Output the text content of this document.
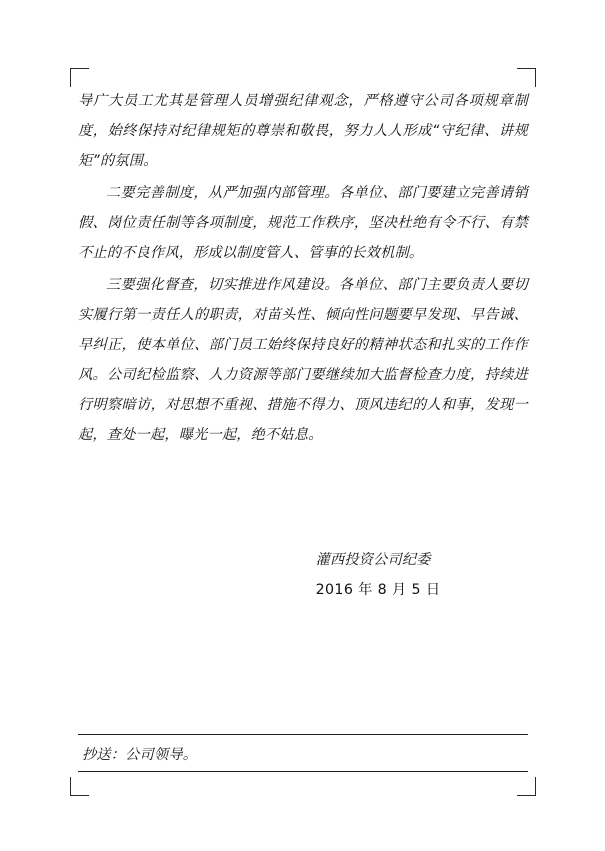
导广大员工尤其是管理人员增强纪律观念，严格遵守公司各项规章制度，始终保持对纪律规矩的尊崇和敬畏，努力人人形成“守纪律、讲规矩”的氛围。

二要完善制度，从严加强内部管理。各单位、部门要建立完善请销假、岗位责任制等各项制度，规范工作秩序，坚决杜绝有令不行、有禁不止的不良作风，形成以制度管人、管事的长效机制。

三要强化督查，切实推进作风建设。各单位、部门主要负责人要切实履行第一责任人的职责，对苗头性、倾向性问题要早发现、早告诫、早纠正，使本单位、部门员工始终保持良好的精神状态和扎实的工作作风。公司纪检监察、人力资源等部门要继续加大监督检查力度，持续进行明察暗访，对思想不重视、措施不得力、顶风违纪的人和事，发现一起，查处一起，曝光一起，绝不姑息。

灌西投资公司纪委
2016 年 8 月 5 日
抄送：公司领导。
